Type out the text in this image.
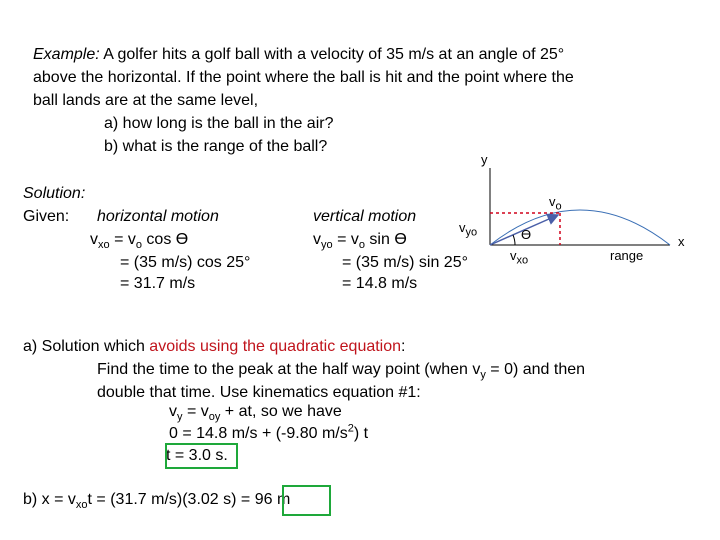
Example: A golfer hits a golf ball with a velocity of 35 m/s at an angle of 25°
above the horizontal. If the point where the ball is hit and the point where the
ball lands are at the same level,
a) how long is the ball in the air?
b) what is the range of the ball?
Solution:
Given: horizontal motion
$v_{xo} = v_o$ cos Ө
= (35 m/s) cos 25°
= 31.7 m/s
vertical motion
$v_{yo} = v_o$ sin Ө
= (35 m/s) sin 25°
= 14.8 m/s
y
x
$v_o$
$v_{yo}$
$v_{xo}$
Ө
range
a) Solution which avoids using the quadratic equation:
Find the time to the peak at the half way point (when $v_y = 0$) and then
double that time. Use kinematics equation #1:
$v_y = v_{oy}$ + at, so we have
0 = 14.8 m/s + (-9.80 $m/s^2$) t
t = 3.0 s.
b) $x = v_{xo}t = (31.7$ m/s)(3.02 s) = 96 m
